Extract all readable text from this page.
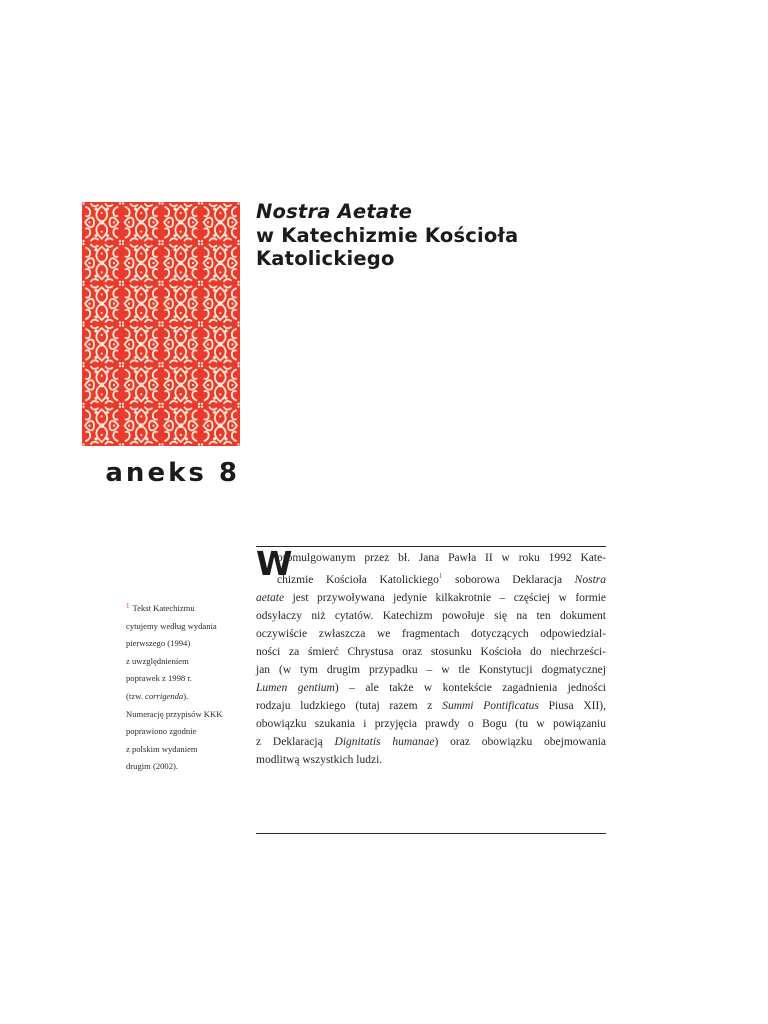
Nostra Aetate
w Katechizmie Kościoła
Katolickiego
aneks 8
W
promulgowanym przez bł. Jana Pawła II w roku 1992 Kate-
chizmie Kościoła Katolickiego$^1$ soborowa Deklaracja Nostra
aetate jest przywoływana jedynie kilkakrotnie – częściej w formie
odsyłaczy niż cytatów. Katechizm powołuje się na ten dokument
oczywiście zwłaszcza we fragmentach dotyczących odpowiedzial-
ności za śmierć Chrystusa oraz stosunku Kościoła do niechrześci-
jan (w tym drugim przypadku – w tle Konstytucji dogmatycznej
Lumen gentium) – ale także w kontekście zagadnienia jedności
rodzaju ludzkiego (tutaj razem z Summi Pontificatus Piusa XII),
obowiązku szukania i przyjęcia prawdy o Bogu (tu w powiązaniu
z Deklaracją Dignitatis humanae) oraz obowiązku obejmowania
modlitwą wszystkich ludzi.
$^1$ Tekst Katechizmu
cytujemy według wydania
pierwszego (1994)
z uwzględnieniem
poprawek z 1998 r.
(tzw. corrigenda).
Numerację przypisów KKK
poprawiono zgodnie
z polskim wydaniem
drugim (2002).
